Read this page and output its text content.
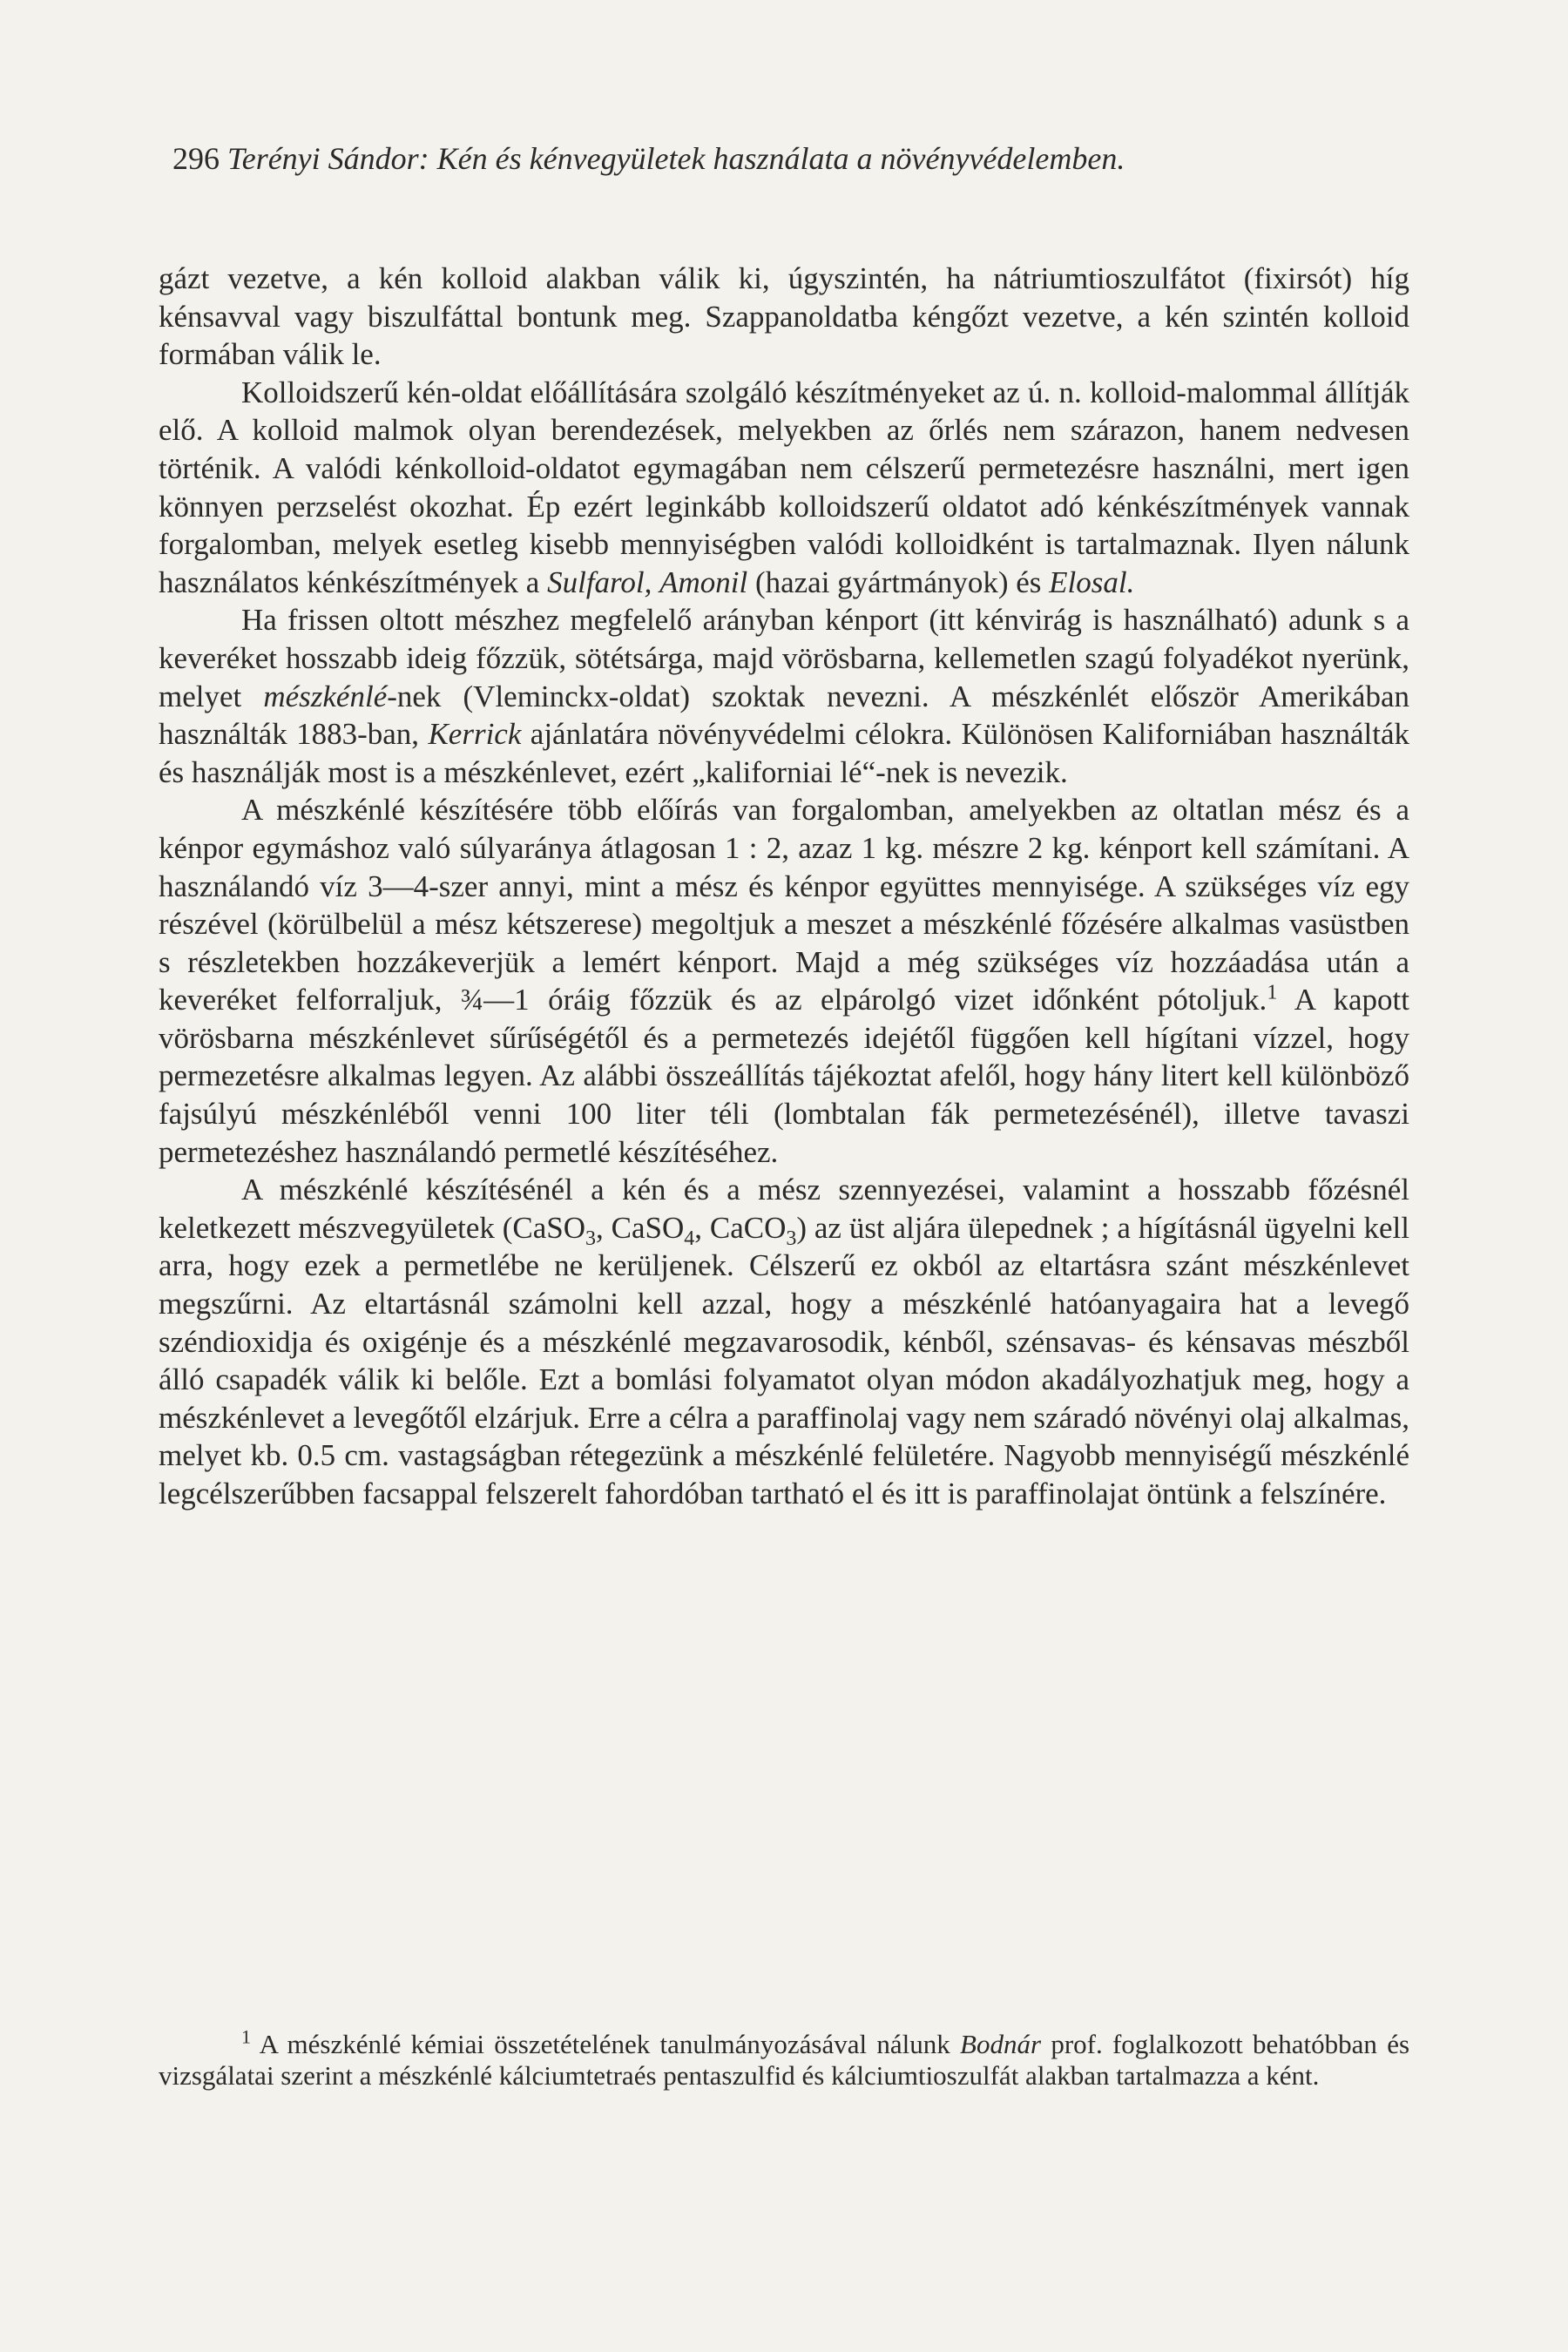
296 Terényi Sándor: Kén és kénvegyületek használata a növényvédelemben.

gázt vezetve, a kén kolloid alakban válik ki, úgyszintén, ha nátriumtioszulfátot (fixirsót) híg kénsavval vagy biszulfáttal bontunk meg. Szappanoldatba kéngőzt vezetve, a kén szintén kolloid formában válik le.

Kolloidszerű kén-oldat előállítására szolgáló készítményeket az ú. n. kolloid-malommal állítják elő. A kolloid malmok olyan berendezések, melyekben az őrlés nem szárazon, hanem nedvesen történik. A valódi kénkolloid-oldatot egymagában nem célszerű permetezésre használni, mert igen könnyen perzselést okozhat. Ép ezért leginkább kolloidszerű oldatot adó kénkészítmények vannak forgalomban, melyek esetleg kisebb mennyiségben valódi kolloidként is tartalmaznak. Ilyen nálunk használatos kénkészítmények a Sulfarol, Amonil (hazai gyártmányok) és Elosal.

Ha frissen oltott mészhez megfelelő arányban kénport (itt kénvirág is használható) adunk s a keveréket hosszabb ideig főzzük, sötétsárga, majd vörösbarna, kellemetlen szagú folyadékot nyerünk, melyet mészkénlé-nek (Vleminckx-oldat) szoktak nevezni. A mészkénlét először Amerikában használták 1883-ban, Kerrick ajánlatára növényvédelmi célokra. Különösen Kaliforniában használták és használják most is a mészkénlevet, ezért „kaliforniai lé“-nek is nevezik.

A mészkénlé készítésére több előírás van forgalomban, amelyekben az oltatlan mész és a kénpor egymáshoz való súlyaránya átlagosan 1 : 2, azaz 1 kg. mészre 2 kg. kénport kell számítani. A használandó víz 3—4-szer annyi, mint a mész és kénpor együttes mennyisége. A szükséges víz egy részével (körülbelül a mész kétszerese) megoltjuk a meszet a mészkénlé főzésére alkalmas vasüstben s részletekben hozzákeverjük a lemért kénport. Majd a még szükséges víz hozzáadása után a keveréket felforraljuk, ¾—1 óráig főzzük és az elpárolgó vizet időnként pótoljuk.$^1$ A kapott vörösbarna mészkénlevet sűrűségétől és a permetezés idejétől függően kell hígítani vízzel, hogy permezetésre alkalmas legyen. Az alábbi összeállítás tájékoztat afelől, hogy hány litert kell különböző fajsúlyú mészkénléből venni 100 liter téli (lombtalan fák permetezésénél), illetve tavaszi permetezéshez használandó permetlé készítéséhez.

A mészkénlé készítésénél a kén és a mész szennyezései, valamint a hosszabb főzésnél keletkezett mészvegyületek (CaSO$_3$, CaSO$_4$, CaCO$_3$) az üst aljára ülepednek ; a hígításnál ügyelni kell arra, hogy ezek a permetlébe ne kerüljenek. Célszerű ez okból az eltartásra szánt mészkénlevet megszűrni. Az eltartásnál számolni kell azzal, hogy a mészkénlé hatóanyagaira hat a levegő széndioxidja és oxigénje és a mészkénlé megzavarosodik, kénből, szénsavas- és kénsavas mészből álló csapadék válik ki belőle. Ezt a bomlási folyamatot olyan módon akadályozhatjuk meg, hogy a mészkénlevet a levegőtől elzárjuk. Erre a célra a paraffinolaj vagy nem száradó növényi olaj alkalmas, melyet kb. 0.5 cm. vastagságban rétegezünk a mészkénlé felületére. Nagyobb mennyiségű mészkénlé legcélszerűbben facsappal felszerelt fahordóban tartható el és itt is paraffinolajat öntünk a felszínére.

$^1$ A mészkénlé kémiai összetételének tanulmányozásával nálunk Bodnár prof. foglalkozott behatóbban és vizsgálatai szerint a mészkénlé kálciumtetraés pentaszulfid és kálciumtioszulfát alakban tartalmazza a ként.
